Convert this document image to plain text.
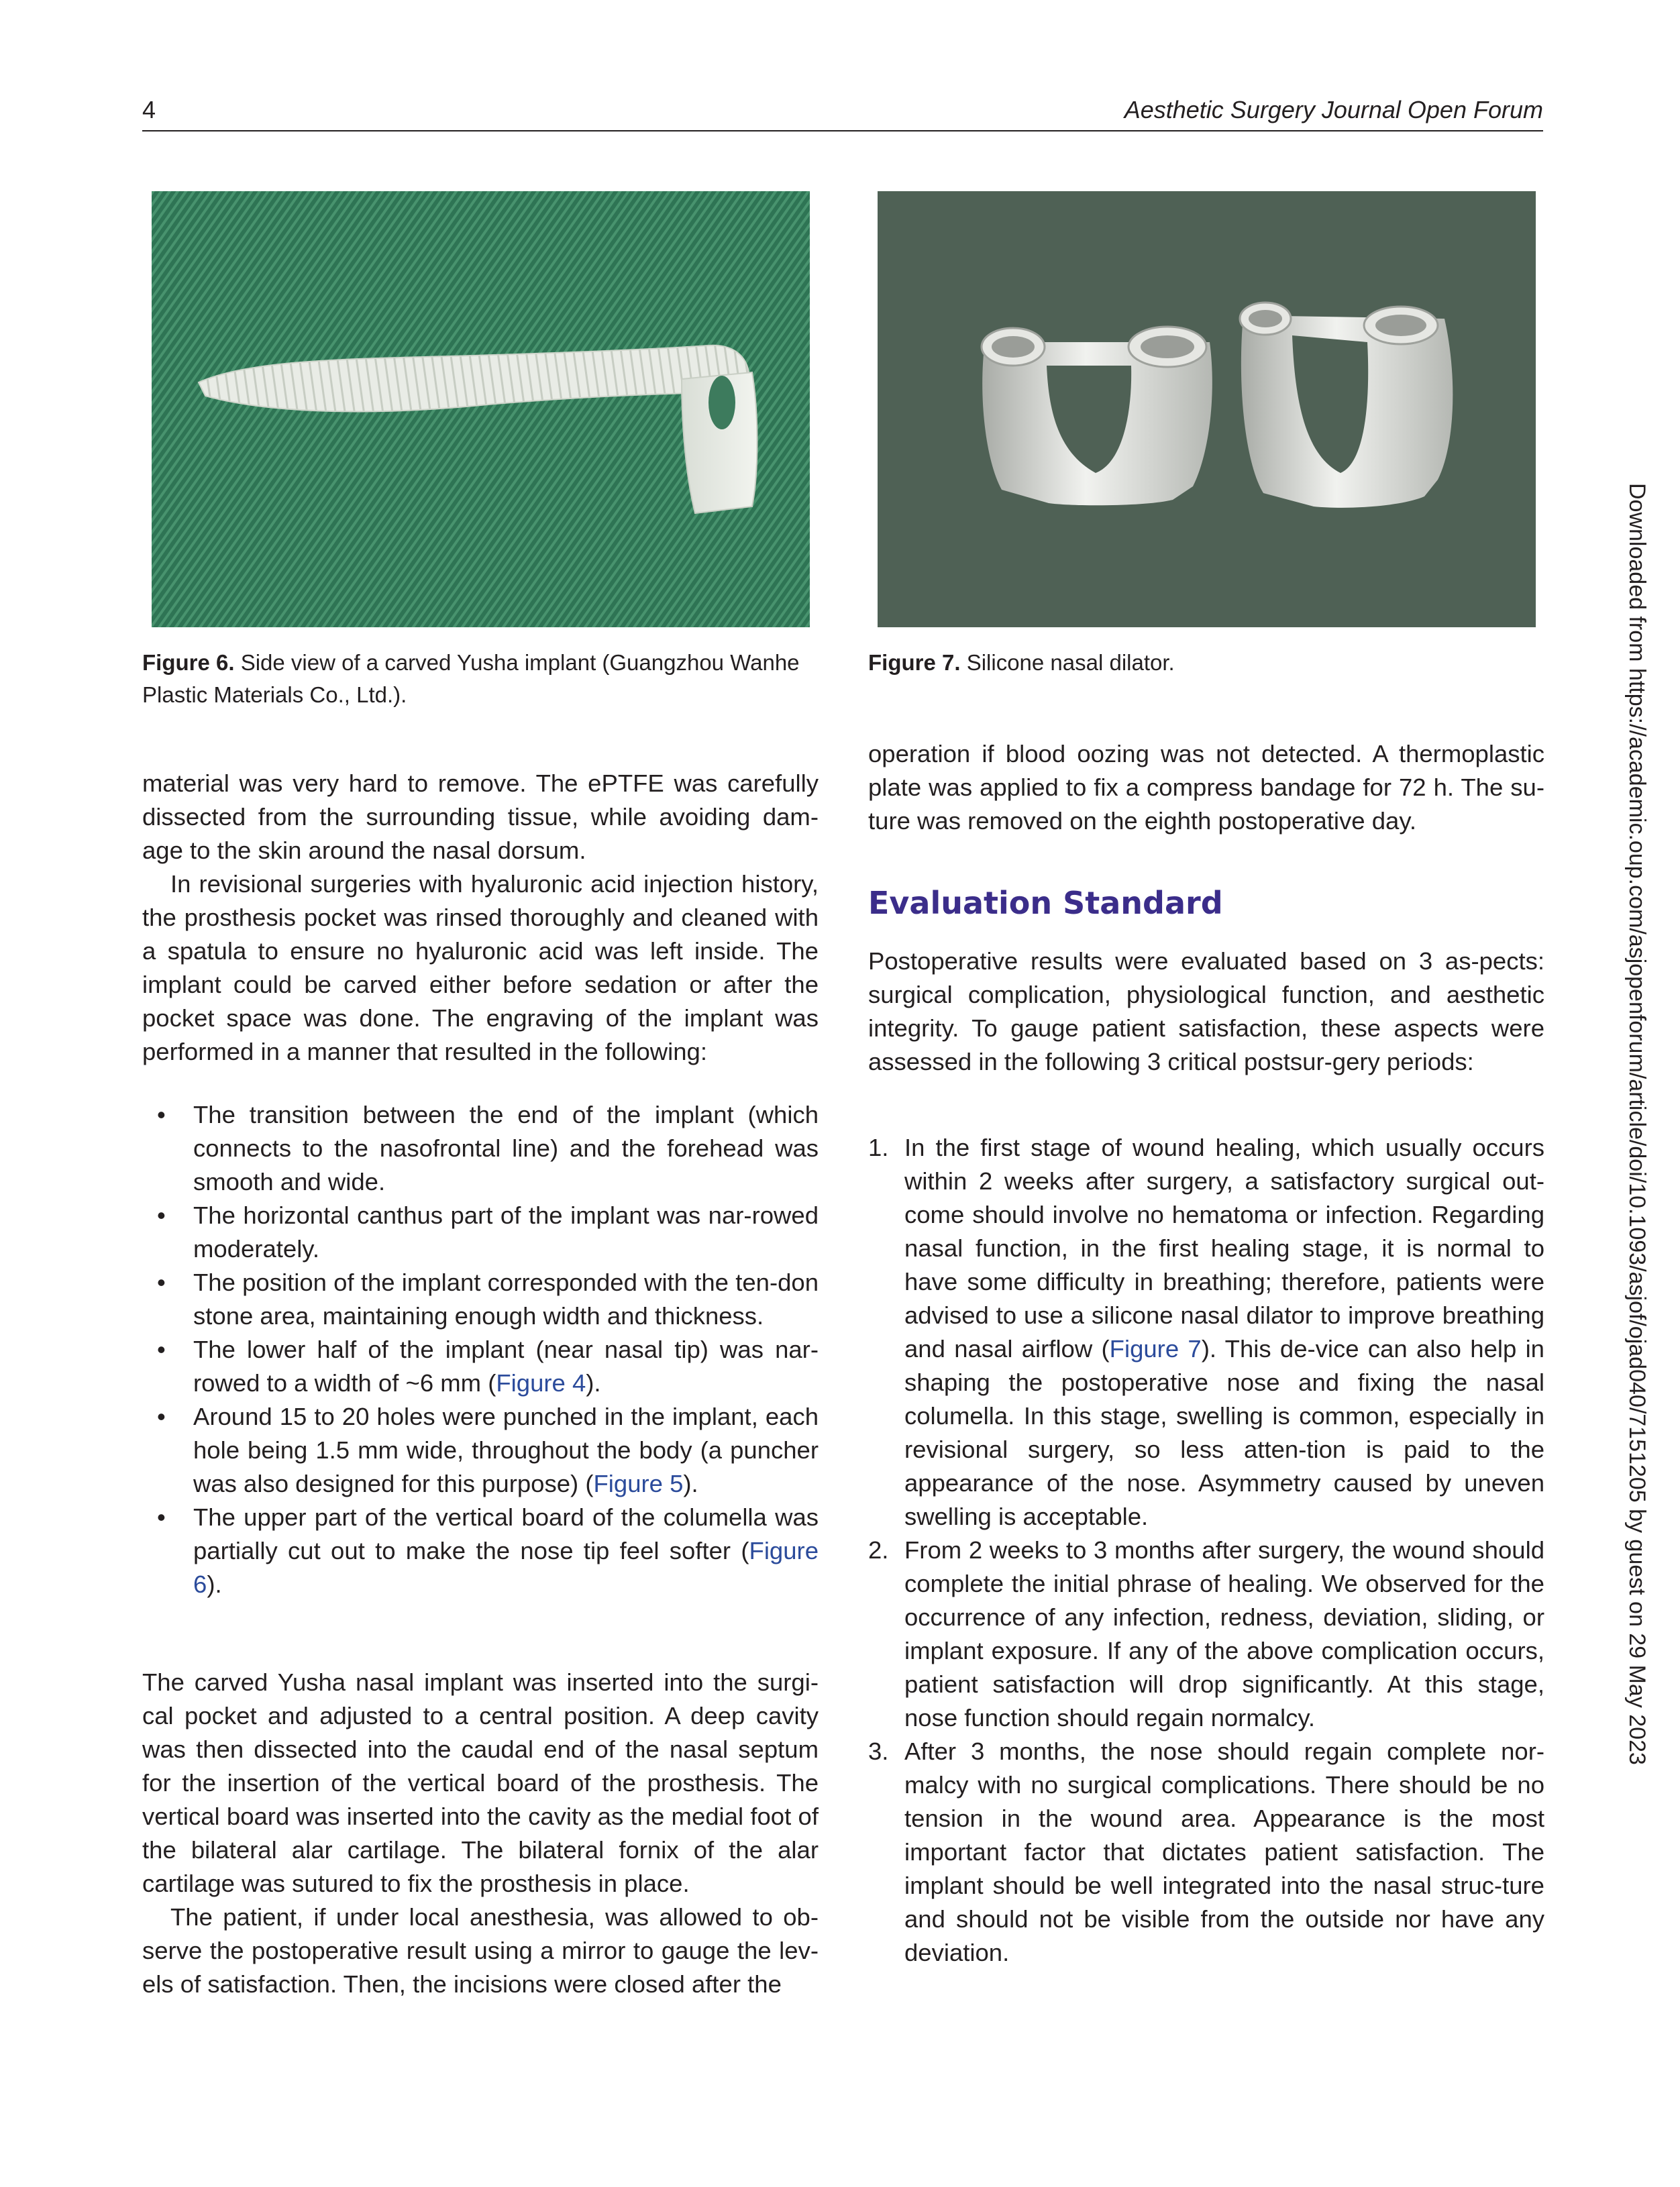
4	Aesthetic Surgery Journal Open Forum
Figure 6. Side view of a carved Yusha implant (Guangzhou Wanhe Plastic Materials Co., Ltd.).
Figure 7. Silicone nasal dilator.

material was very hard to remove. The ePTFE was carefully dissected from the surrounding tissue, while avoiding dam-age to the skin around the nasal dorsum.

In revisional surgeries with hyaluronic acid injection history, the prosthesis pocket was rinsed thoroughly and cleaned with a spatula to ensure no hyaluronic acid was left inside. The implant could be carved either before sedation or after the pocket space was done. The engraving of the implant was performed in a manner that resulted in the following:

• The transition between the end of the implant (which connects to the nasofrontal line) and the forehead was smooth and wide.
• The horizontal canthus part of the implant was nar-rowed moderately.
• The position of the implant corresponded with the ten-don stone area, maintaining enough width and thickness.
• The lower half of the implant (near nasal tip) was nar-rowed to a width of ~6 mm (Figure 4).
• Around 15 to 20 holes were punched in the implant, each hole being 1.5 mm wide, throughout the body (a puncher was also designed for this purpose) (Figure 5).
• The upper part of the vertical board of the columella was partially cut out to make the nose tip feel softer (Figure 6).

The carved Yusha nasal implant was inserted into the surgi-cal pocket and adjusted to a central position. A deep cavity was then dissected into the caudal end of the nasal septum for the insertion of the vertical board of the prosthesis. The vertical board was inserted into the cavity as the medial foot of the bilateral alar cartilage. The bilateral fornix of the alar cartilage was sutured to fix the prosthesis in place.

The patient, if under local anesthesia, was allowed to ob-serve the postoperative result using a mirror to gauge the lev-els of satisfaction. Then, the incisions were closed after the

operation if blood oozing was not detected. A thermoplastic plate was applied to fix a compress bandage for 72 h. The su-ture was removed on the eighth postoperative day.

Evaluation Standard

Postoperative results were evaluated based on 3 as-pects: surgical complication, physiological function, and aesthetic integrity. To gauge patient satisfaction, these aspects were assessed in the following 3 critical postsur-gery periods:

1. In the first stage of wound healing, which usually occurs within 2 weeks after surgery, a satisfactory surgical out-come should involve no hematoma or infection. Regarding nasal function, in the first healing stage, it is normal to have some difficulty in breathing; therefore, patients were advised to use a silicone nasal dilator to improve breathing and nasal airflow (Figure 7). This de-vice can also help in shaping the postoperative nose and fixing the nasal columella. In this stage, swelling is common, especially in revisional surgery, so less atten-tion is paid to the appearance of the nose. Asymmetry caused by uneven swelling is acceptable.
2. From 2 weeks to 3 months after surgery, the wound should complete the initial phrase of healing. We observed for the occurrence of any infection, redness, deviation, sliding, or implant exposure. If any of the above complication occurs, patient satisfaction will drop significantly. At this stage, nose function should regain normalcy.
3. After 3 months, the nose should regain complete nor-malcy with no surgical complications. There should be no tension in the wound area. Appearance is the most important factor that dictates patient satisfaction. The implant should be well integrated into the nasal struc-ture and should not be visible from the outside nor have any deviation.
Downloaded from https://academic.oup.com/asjopenforum/article/doi/10.1093/asjof/ojad040/7151205 by guest on 29 May 2023
